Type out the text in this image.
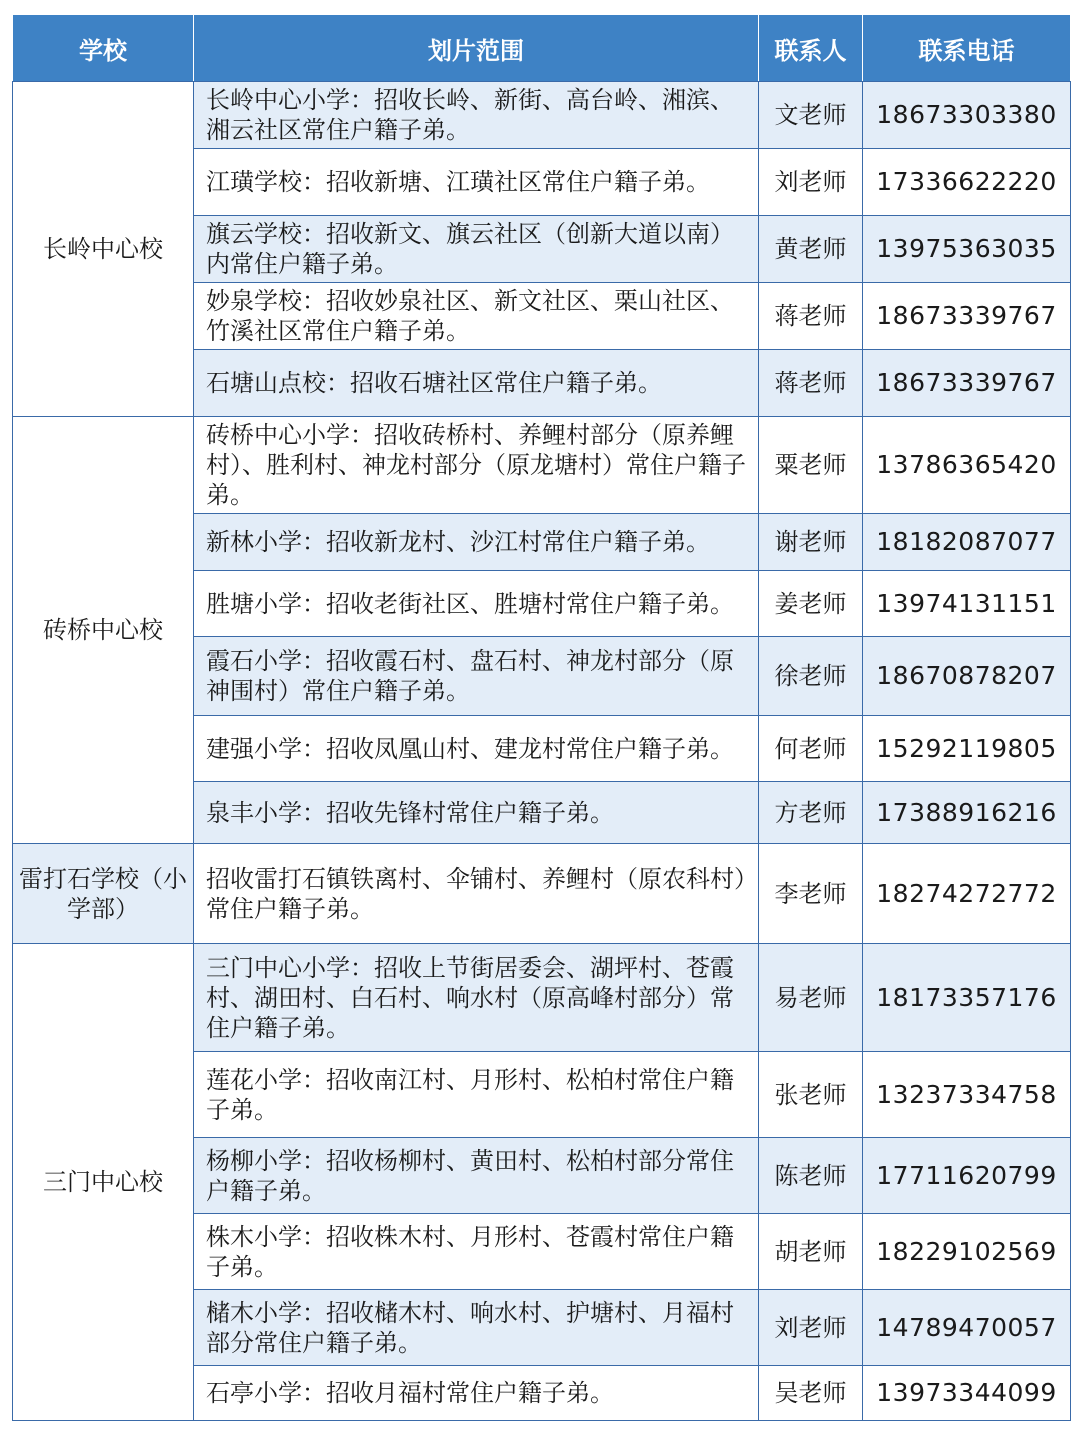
学校	划片范围	联系人	联系电话
长岭中心校	长岭中心小学：招收长岭、新街、高台岭、湘滨、湘云社区常住户籍子弟。	文老师	18673303380
	江璜学校：招收新塘、江璜社区常住户籍子弟。	刘老师	17336622220
	旗云学校：招收新文、旗云社区（创新大道以南）内常住户籍子弟。	黄老师	13975363035
	妙泉学校：招收妙泉社区、新文社区、栗山社区、竹溪社区常住户籍子弟。	蒋老师	18673339767
	石塘山点校：招收石塘社区常住户籍子弟。	蒋老师	18673339767
砖桥中心校	砖桥中心小学：招收砖桥村、养鲤村部分（原养鲤村）、胜利村、神龙村部分（原龙塘村）常住户籍子弟。	粟老师	13786365420
	新林小学：招收新龙村、沙江村常住户籍子弟。	谢老师	18182087077
	胜塘小学：招收老街社区、胜塘村常住户籍子弟。	姜老师	13974131151
	霞石小学：招收霞石村、盘石村、神龙村部分（原神围村）常住户籍子弟。	徐老师	18670878207
	建强小学：招收凤凰山村、建龙村常住户籍子弟。	何老师	15292119805
	泉丰小学：招收先锋村常住户籍子弟。	方老师	17388916216
雷打石学校（小学部）	招收雷打石镇铁离村、伞铺村、养鲤村（原农科村）常住户籍子弟。	李老师	18274272772
三门中心校	三门中心小学：招收上节街居委会、湖坪村、苍霞村、湖田村、白石村、响水村（原高峰村部分）常住户籍子弟。	易老师	18173357176
	莲花小学：招收南江村、月形村、松柏村常住户籍子弟。	张老师	13237334758
	杨柳小学：招收杨柳村、黄田村、松柏村部分常住户籍子弟。	陈老师	17711620799
	株木小学：招收株木村、月形村、苍霞村常住户籍子弟。	胡老师	18229102569
	槠木小学：招收槠木村、响水村、护塘村、月福村部分常住户籍子弟。	刘老师	14789470057
	石亭小学：招收月福村常住户籍子弟。	吴老师	13973344099
